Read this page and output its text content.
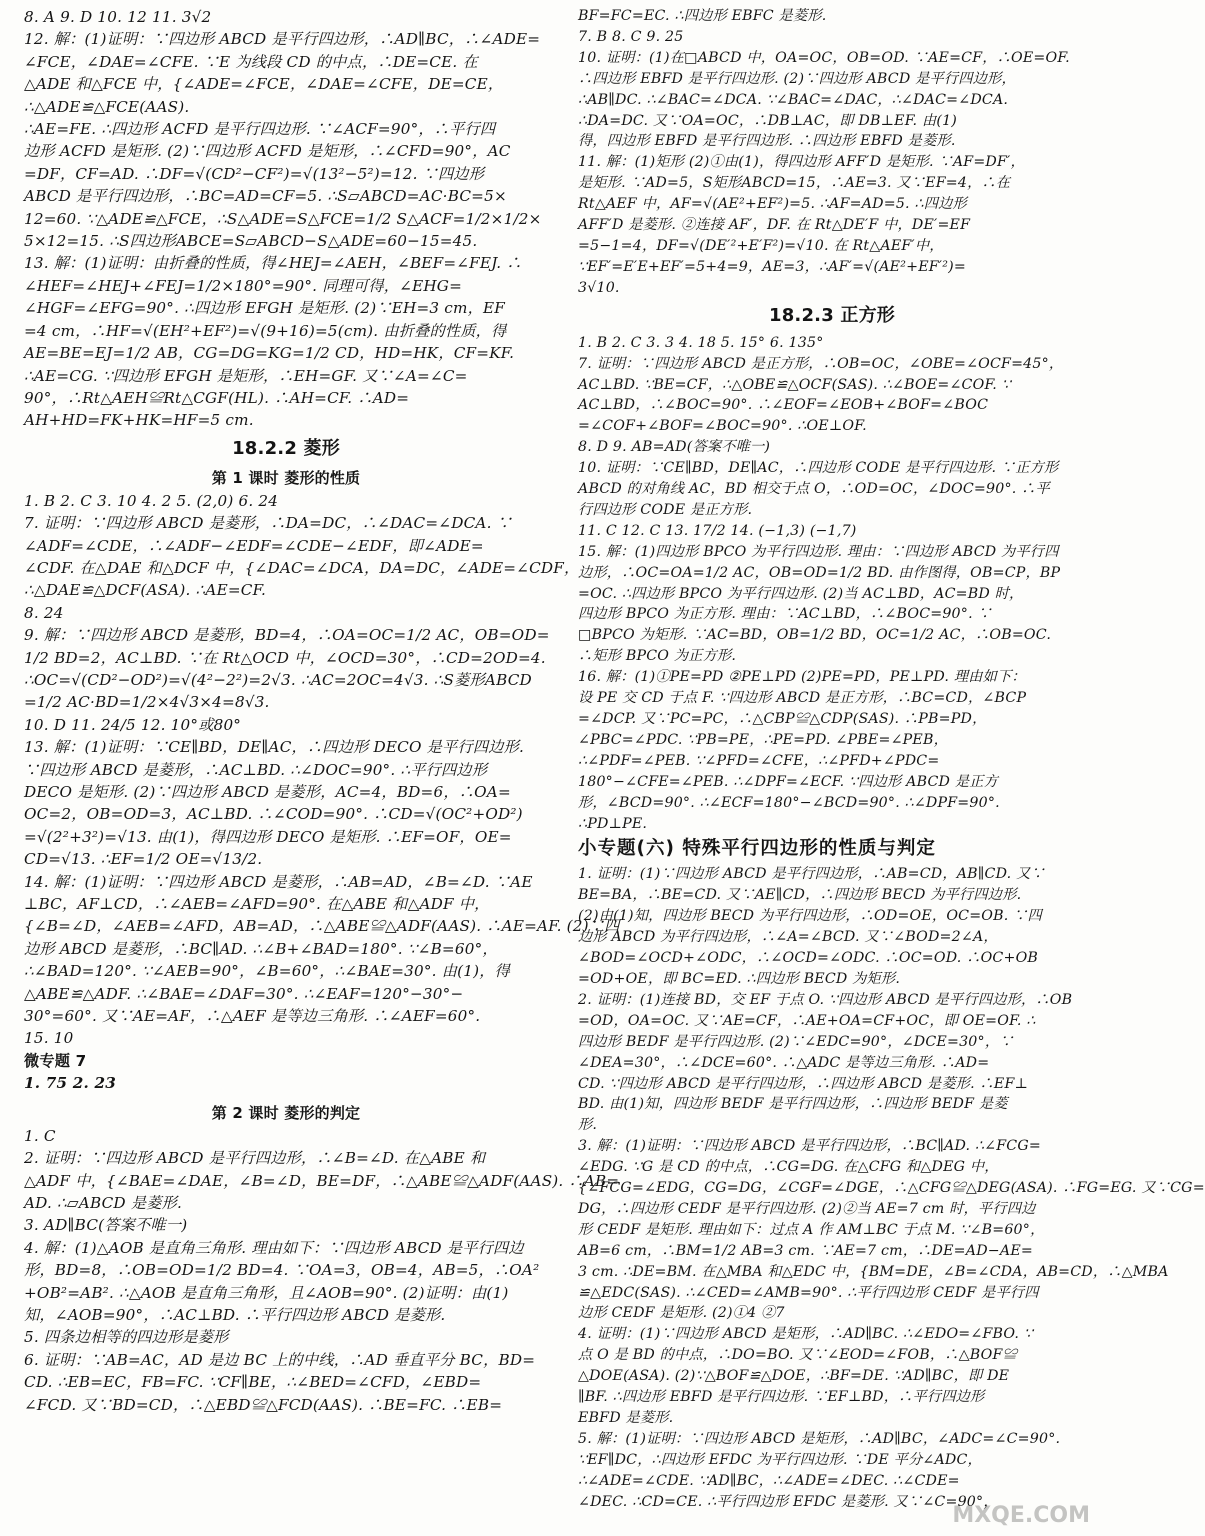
8. A 9. D 10. 12 11. 3√2
12. 解：(1)证明：∵四边形 ABCD 是平行四边形，∴AD∥BC，∴∠ADE=
∠FCE，∠DAE=∠CFE. ∵E 为线段 CD 的中点，∴DE=CE. 在
△ADE 和△FCE 中，{∠ADE=∠FCE，∠DAE=∠CFE，DE=CE，
∴△ADE≌△FCE(AAS).
∴AE=FE. ∴四边形 ACFD 是平行四边形. ∵∠ACF=90°，∴平行四
边形 ACFD 是矩形. (2)∵四边形 ACFD 是矩形，∴∠CFD=90°，AC
=DF，CF=AD. ∴DF=√(CD²−CF²)=√(13²−5²)=12. ∵四边形
ABCD 是平行四边形，∴BC=AD=CF=5. ∴S▱ABCD=AC·BC=5×
12=60. ∵△ADE≌△FCE，∴S△ADE=S△FCE=1/2 S△ACF=1/2×1/2×
5×12=15. ∴S四边形ABCE=S▱ABCD−S△ADE=60−15=45.
13. 解：(1)证明：由折叠的性质，得∠HEJ=∠AEH，∠BEF=∠FEJ. ∴
∠HEF=∠HEJ+∠FEJ=1/2×180°=90°. 同理可得，∠EHG=
∠HGF=∠EFG=90°. ∴四边形 EFGH 是矩形. (2)∵EH=3 cm，EF
=4 cm，∴HF=√(EH²+EF²)=√(9+16)=5(cm). 由折叠的性质，得
AE=BE=EJ=1/2 AB，CG=DG=KG=1/2 CD，HD=HK，CF=KF.
∴AE=CG. ∵四边形 EFGH 是矩形，∴EH=GF. 又∵∠A=∠C=
90°，∴Rt△AEH≌Rt△CGF(HL). ∴AH=CF. ∴AD=
AH+HD=FK+HK=HF=5 cm.
18.2.2 菱形
第 1 课时 菱形的性质
1. B 2. C 3. 10 4. 2 5. (2,0) 6. 24
7. 证明：∵四边形 ABCD 是菱形，∴DA=DC，∴∠DAC=∠DCA. ∵
∠ADF=∠CDE，∴∠ADF−∠EDF=∠CDE−∠EDF，即∠ADE=
∠CDF. 在△DAE 和△DCF 中，{∠DAC=∠DCA，DA=DC，∠ADE=∠CDF，
∴△DAE≌△DCF(ASA). ∴AE=CF.
8. 24
9. 解：∵四边形 ABCD 是菱形，BD=4，∴OA=OC=1/2 AC，OB=OD=
1/2 BD=2，AC⊥BD. ∵在 Rt△OCD 中，∠OCD=30°，∴CD=2OD=4.
∴OC=√(CD²−OD²)=√(4²−2²)=2√3. ∴AC=2OC=4√3. ∴S菱形ABCD
=1/2 AC·BD=1/2×4√3×4=8√3.
10. D 11. 24/5 12. 10°或80°
13. 解：(1)证明：∵CE∥BD，DE∥AC，∴四边形 DECO 是平行四边形.
∵四边形 ABCD 是菱形，∴AC⊥BD. ∴∠DOC=90°. ∴平行四边形
DECO 是矩形. (2)∵四边形 ABCD 是菱形，AC=4，BD=6，∴OA=
OC=2，OB=OD=3，AC⊥BD. ∴∠COD=90°. ∴CD=√(OC²+OD²)
=√(2²+3²)=√13. 由(1)，得四边形 DECO 是矩形. ∴EF=OF，OE=
CD=√13. ∴EF=1/2 OE=√13/2.
14. 解：(1)证明：∵四边形 ABCD 是菱形，∴AB=AD，∠B=∠D. ∵AE
⊥BC，AF⊥CD，∴∠AEB=∠AFD=90°. 在△ABE 和△ADF 中，
{∠B=∠D，∠AEB=∠AFD，AB=AD，∴△ABE≌△ADF(AAS). ∴AE=AF. (2)∵四
边形 ABCD 是菱形，∴BC∥AD. ∴∠B+∠BAD=180°. ∵∠B=60°，
∴∠BAD=120°. ∵∠AEB=90°，∠B=60°，∴∠BAE=30°. 由(1)，得
△ABE≌△ADF. ∴∠BAE=∠DAF=30°. ∴∠EAF=120°−30°−
30°=60°. 又∵AE=AF，∴△AEF 是等边三角形. ∴∠AEF=60°.
15. 10
微专题 7
1. 75 2. 23
第 2 课时 菱形的判定
1. C
2. 证明：∵四边形 ABCD 是平行四边形，∴∠B=∠D. 在△ABE 和
△ADF 中，{∠BAE=∠DAE，∠B=∠D，BE=DF，∴△ABE≌△ADF(AAS). ∴AB=
AD. ∴▱ABCD 是菱形.
3. AD∥BC(答案不唯一)
4. 解：(1)△AOB 是直角三角形. 理由如下：∵四边形 ABCD 是平行四边
形，BD=8，∴OB=OD=1/2 BD=4. ∵OA=3，OB=4，AB=5，∴OA²
+OB²=AB². ∴△AOB 是直角三角形，且∠AOB=90°. (2)证明：由(1)
知，∠AOB=90°，∴AC⊥BD. ∴平行四边形 ABCD 是菱形.
5. 四条边相等的四边形是菱形
6. 证明：∵AB=AC，AD 是边 BC 上的中线，∴AD 垂直平分 BC，BD=
CD. ∴EB=EC，FB=FC. ∵CF∥BE，∴∠BED=∠CFD，∠EBD=
∠FCD. 又∵BD=CD，∴△EBD≌△FCD(AAS). ∴BE=FC. ∴EB=
BF=FC=EC. ∴四边形 EBFC 是菱形.
7. B 8. C 9. 25
10. 证明：(1)在□ABCD 中，OA=OC，OB=OD. ∵AE=CF，∴OE=OF.
∴四边形 EBFD 是平行四边形. (2)∵四边形 ABCD 是平行四边形，
∴AB∥DC. ∴∠BAC=∠DCA. ∵∠BAC=∠DAC，∴∠DAC=∠DCA.
∴DA=DC. 又∵OA=OC，∴DB⊥AC，即 DB⊥EF. 由(1)
得，四边形 EBFD 是平行四边形. ∴四边形 EBFD 是菱形.
11. 解：(1)矩形 (2)①由(1)，得四边形 AFF′D 是矩形. ∵AF=DF′，
是矩形. ∵AD=5，S矩形ABCD=15，∴AE=3. 又∵EF=4，∴在
Rt△AEF 中，AF=√(AE²+EF²)=5. ∴AF=AD=5. ∴四边形
AFF′D 是菱形. ②连接 AF′，DF. 在 Rt△DE′F 中，DE′=EF
=5−1=4，DF=√(DE′²+E′F²)=√10. 在 Rt△AEF′中，
∵EF′=E′E+EF′=5+4=9，AE=3，∴AF′=√(AE²+EF′²)=
3√10.
18.2.3 正方形
1. B 2. C 3. 3 4. 18 5. 15° 6. 135°
7. 证明：∵四边形 ABCD 是正方形，∴OB=OC，∠OBE=∠OCF=45°，
AC⊥BD. ∵BE=CF，∴△OBE≌△OCF(SAS). ∴∠BOE=∠COF. ∵
AC⊥BD，∴∠BOC=90°. ∴∠EOF=∠EOB+∠BOF=∠BOC
=∠COF+∠BOF=∠BOC=90°. ∴OE⊥OF.
8. D 9. AB=AD(答案不唯一)
10. 证明：∵CE∥BD，DE∥AC，∴四边形 CODE 是平行四边形. ∵正方形
ABCD 的对角线 AC，BD 相交于点 O，∴OD=OC，∠DOC=90°. ∴平
行四边形 CODE 是正方形.
11. C 12. C 13. 17/2 14. (−1,3) (−1,7)
15. 解：(1)四边形 BPCO 为平行四边形. 理由：∵四边形 ABCD 为平行四
边形，∴OC=OA=1/2 AC，OB=OD=1/2 BD. 由作图得，OB=CP，BP
=OC. ∴四边形 BPCO 为平行四边形. (2)当 AC⊥BD，AC=BD 时，
四边形 BPCO 为正方形. 理由：∵AC⊥BD，∴∠BOC=90°. ∵
□BPCO 为矩形. ∵AC=BD，OB=1/2 BD，OC=1/2 AC，∴OB=OC.
∴矩形 BPCO 为正方形.
16. 解：(1)①PE=PD ②PE⊥PD (2)PE=PD，PE⊥PD. 理由如下：
设 PE 交 CD 于点 F. ∵四边形 ABCD 是正方形，∴BC=CD，∠BCP
=∠DCP. 又∵PC=PC，∴△CBP≌△CDP(SAS). ∴PB=PD，
∠PBC=∠PDC. ∵PB=PE，∴PE=PD. ∠PBE=∠PEB，
∴∠PDF=∠PEB. ∵∠PFD=∠CFE，∴∠PFD+∠PDC=
180°−∠CFE=∠PEB. ∴∠DPF=∠ECF. ∵四边形 ABCD 是正方
形，∠BCD=90°. ∴∠ECF=180°−∠BCD=90°. ∴∠DPF=90°.
∴PD⊥PE.
小专题(六) 特殊平行四边形的性质与判定
1. 证明：(1)∵四边形 ABCD 是平行四边形，∴AB=CD，AB∥CD. 又∵
BE=BA，∴BE=CD. 又∵AE∥CD，∴四边形 BECD 为平行四边形.
(2)由(1)知，四边形 BECD 为平行四边形，∴OD=OE，OC=OB. ∵四
边形 ABCD 为平行四边形，∴∠A=∠BCD. 又∵∠BOD=2∠A，
∠BOD=∠OCD+∠ODC，∴∠OCD=∠ODC. ∴OC=OD. ∴OC+OB
=OD+OE，即 BC=ED. ∴四边形 BECD 为矩形.
2. 证明：(1)连接 BD，交 EF 于点 O. ∵四边形 ABCD 是平行四边形，∴OB
=OD，OA=OC. 又∵AE=CF，∴AE+OA=CF+OC，即 OE=OF. ∴
四边形 BEDF 是平行四边形. (2)∵∠EDC=90°，∠DCE=30°，∵
∠DEA=30°，∴∠DCE=60°. ∴△ADC 是等边三角形. ∴AD=
CD. ∵四边形 ABCD 是平行四边形，∴四边形 ABCD 是菱形. ∴EF⊥
BD. 由(1)知，四边形 BEDF 是平行四边形，∴四边形 BEDF 是菱
形.
3. 解：(1)证明：∵四边形 ABCD 是平行四边形，∴BC∥AD. ∴∠FCG=
∠EDG. ∵G 是 CD 的中点，∴CG=DG. 在△CFG 和△DEG 中，
{∠FCG=∠EDG，CG=DG，∠CGF=∠DGE，∴△CFG≌△DEG(ASA). ∴FG=EG. 又∵CG=
DG，∴四边形 CEDF 是平行四边形. (2)②当 AE=7 cm 时，平行四边
形 CEDF 是矩形. 理由如下：过点 A 作 AM⊥BC 于点 M. ∵∠B=60°，
AB=6 cm，∴BM=1/2 AB=3 cm. ∵AE=7 cm，∴DE=AD−AE=
3 cm. ∴DE=BM. 在△MBA 和△EDC 中，{BM=DE，∠B=∠CDA，AB=CD，∴△MBA
≌△EDC(SAS). ∴∠CED=∠AMB=90°. ∴平行四边形 CEDF 是平行四
边形 CEDF 是矩形. (2)①4 ②7
4. 证明：(1)∵四边形 ABCD 是矩形，∴AD∥BC. ∴∠EDO=∠FBO. ∵
点 O 是 BD 的中点，∴DO=BO. 又∵∠EOD=∠FOB，∴△BOF≌
△DOE(ASA). (2)∵△BOF≌△DOE，∴BF=DE. ∵AD∥BC，即 DE
∥BF. ∴四边形 EBFD 是平行四边形. ∵EF⊥BD，∴平行四边形
EBFD 是菱形.
5. 解：(1)证明：∵四边形 ABCD 是矩形，∴AD∥BC，∠ADC=∠C=90°.
∵EF∥DC，∴四边形 EFDC 为平行四边形. ∵DE 平分∠ADC，
∴∠ADE=∠CDE. ∵AD∥BC，∴∠ADE=∠DEC. ∴∠CDE=
∠DEC. ∴CD=CE. ∴平行四边形 EFDC 是菱形. 又∵∠C=90°，
MXQE.COM
